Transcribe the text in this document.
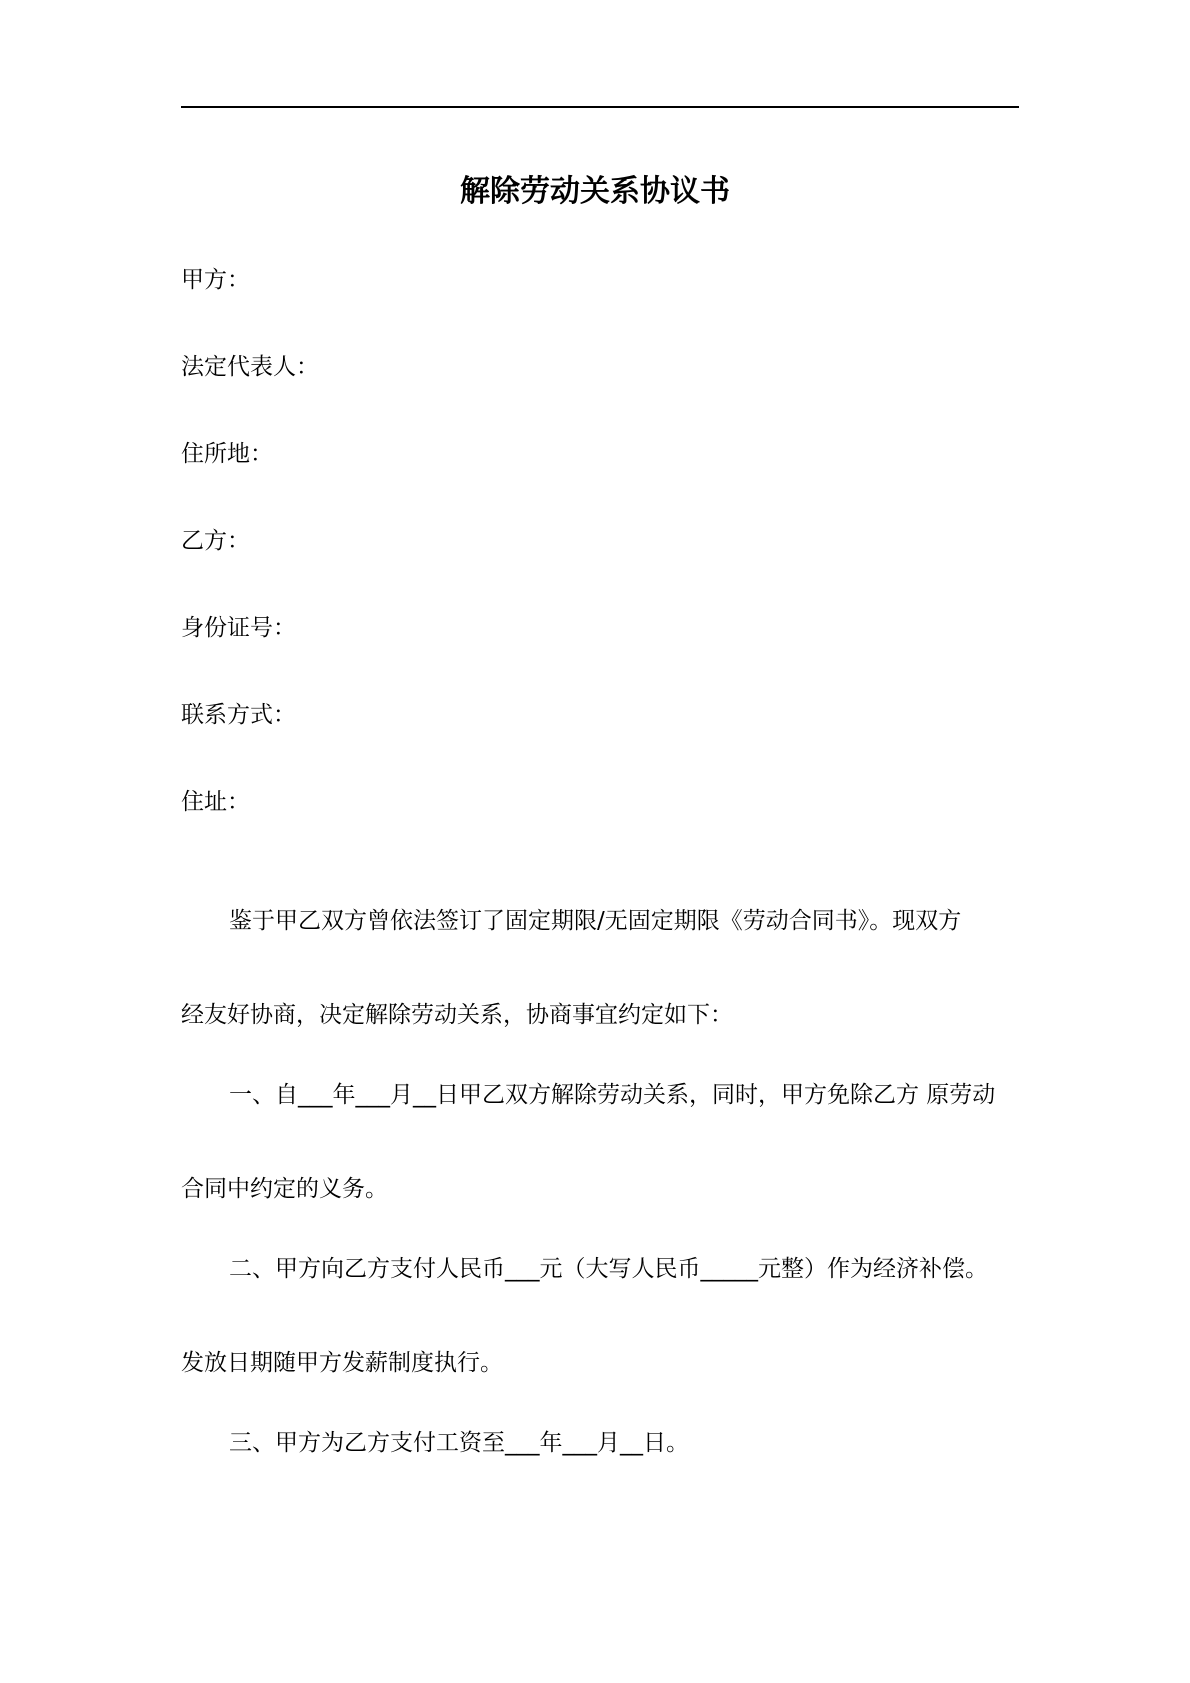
解除劳动关系协议书

甲方：

法定代表人：

住所地：

乙方：

身份证号：

联系方式：

住址：

鉴于甲乙双方曾依法签订了固定期限/无固定期限《劳动合同书》。现双方

经友好协商，决定解除劳动关系，协商事宜约定如下：

一、自___年___月__日甲乙双方解除劳动关系，同时，甲方免除乙方 原劳动

合同中约定的义务。

二、甲方向乙方支付人民币___元（大写人民币_____元整）作为经济补偿。

发放日期随甲方发薪制度执行。

三、甲方为乙方支付工资至___年___月__日。
